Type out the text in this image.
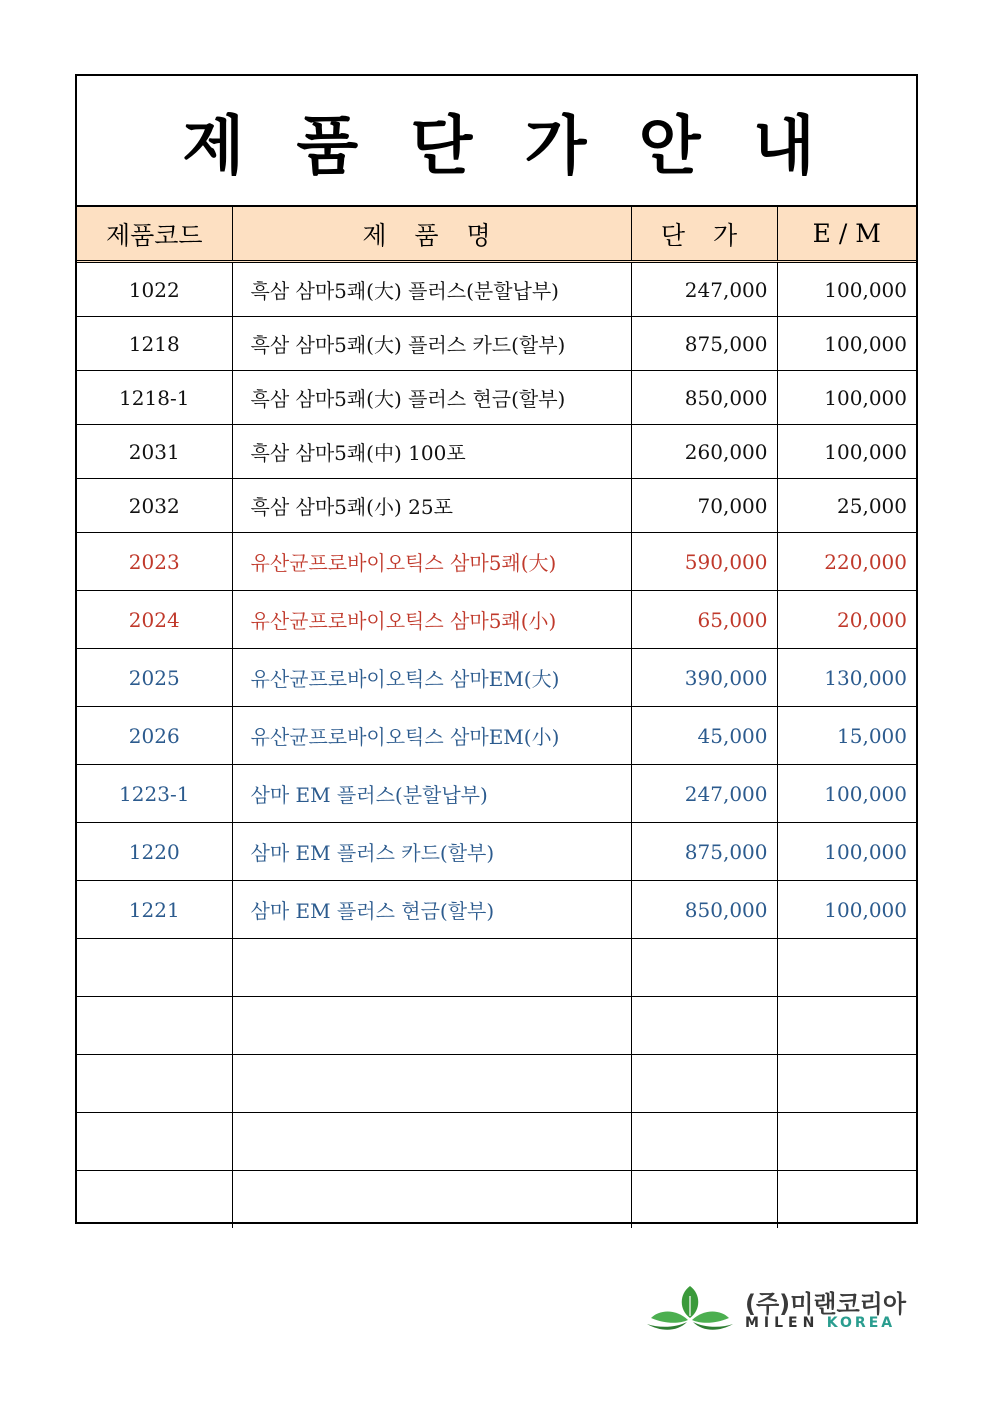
제 품 단 가 안 내
제품코드	제 품 명	단 가	E / M
1022	흑삼 삼마5쾌(大) 플러스(분할납부)	247,000	100,000
1218	흑삼 삼마5쾌(大) 플러스 카드(할부)	875,000	100,000
1218-1	흑삼 삼마5쾌(大) 플러스 현금(할부)	850,000	100,000
2031	흑삼 삼마5쾌(中) 100포	260,000	100,000
2032	흑삼 삼마5쾌(小) 25포	70,000	25,000
2023	유산균프로바이오틱스 삼마5쾌(大)	590,000	220,000
2024	유산균프로바이오틱스 삼마5쾌(小)	65,000	20,000
2025	유산균프로바이오틱스 삼마EM(大)	390,000	130,000
2026	유산균프로바이오틱스 삼마EM(小)	45,000	15,000
1223-1	삼마 EM 플러스(분할납부)	247,000	100,000
1220	삼마 EM 플러스 카드(할부)	875,000	100,000
1221	삼마 EM 플러스 현금(할부)	850,000	100,000

(주)미랜코리아
MILEN KOREA
